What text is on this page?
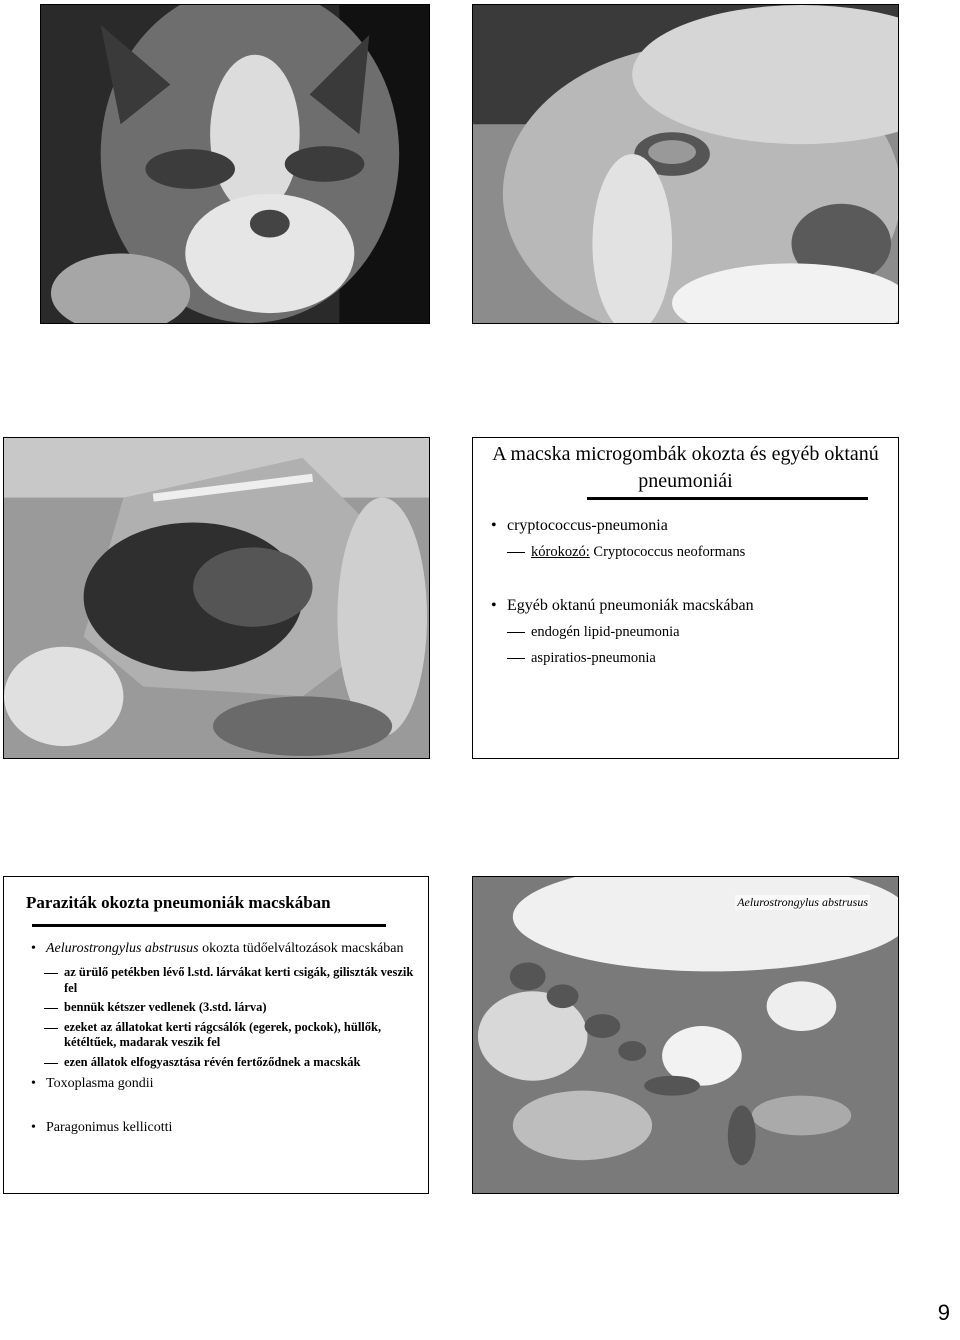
A macska microgombák okozta és egyéb oktanú pneumoniái
• cryptococcus-pneumonia
kórokozó: Cryptococcus neoformans
• Egyéb oktanú pneumoniák macskában
endogén lipid-pneumonia
aspiratios-pneumonia
Paraziták okozta pneumoniák macskában
• Aelurostrongylus abstrusus okozta tüdőelváltozások macskában
az ürülő petékben lévő l.std. lárvákat kerti csigák, giliszták veszik fel
bennük kétszer vedlenek (3.std. lárva)
ezeket az állatokat kerti rágcsálók (egerek, pockok), hüllők, kétéltűek, madarak veszik fel
ezen állatok elfogyasztása révén fertőződnek a macskák
• Toxoplasma gondii
• Paragonimus kellicotti
Aelurostrongylus abstrusus
9
